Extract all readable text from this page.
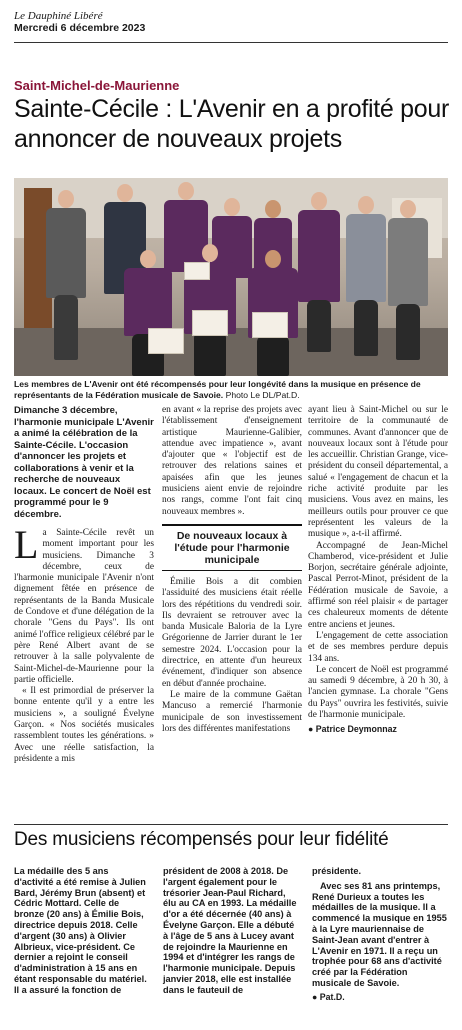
Le Dauphiné Libéré
Mercredi 6 décembre 2023
Saint-Michel-de-Maurienne
Sainte-Cécile : L'Avenir en a profité pour annoncer de nouveaux projets
Les membres de L'Avenir ont été récompensés pour leur longévité dans la musique en présence de représentants de la Fédération musicale de Savoie. Photo Le DL/Pat.D.

Dimanche 3 décembre, l'harmonie municipale L'Avenir a animé la célébration de la Sainte-Cécile. L'occasion d'annoncer les projets et collaborations à venir et la recherche de nouveaux locaux. Le concert de Noël est programmé pour le 9 décembre.

La Sainte-Cécile revêt un moment important pour les musiciens. Dimanche 3 décembre, ceux de l'harmonie municipale l'Avenir n'ont dignement fêtée en présence de représentants de la Banda Musicale de Condove et d'une délégation de la chorale "Gens du Pays". Ils ont animé l'office religieux célébré par le père René Albert avant de se retrouver à la salle polyvalente de Saint-Michel-de-Maurienne pour la partie officielle.

« Il est primordial de préserver la bonne entente qu'il y a entre les musiciens », a souligné Évelyne Garçon. « Nos sociétés musicales rassemblent toutes les générations. » Avec une réelle satisfaction, la présidente a mis

en avant « la reprise des projets avec l'établissement d'enseignement artistique Maurienne-Galibier, attendue avec impatience », avant d'ajouter que « l'objectif est de retrouver des relations saines et apaisées afin que les jeunes musiciens aient envie de rejoindre nos rangs, comme l'ont fait cinq nouveaux membres ».

De nouveaux locaux à l'étude pour l'harmonie municipale

Émilie Bois a dit combien l'assiduité des musiciens était réelle lors des répétitions du vendredi soir. Ils devraient se retrouver avec la banda Musicale Baloria de la Lyre Grégorienne de Jarrier durant le 1er semestre 2024. L'occasion pour la directrice, en attente d'un heureux événement, d'indiquer son absence en début d'année prochaine.

Le maire de la commune Gaëtan Mancuso a remercié l'harmonie municipale de son investissement lors des différentes manifestations

ayant lieu à Saint-Michel ou sur le territoire de la communauté de communes. Avant d'annoncer que de nouveaux locaux sont à l'étude pour les accueillir. Christian Grange, vice-président du conseil départemental, a salué « l'engagement de chacun et la riche activité produite par les musiciens. Vous avez en mains, les meilleurs outils pour prouver ce que représentent les valeurs de la musique », a-t-il affirmé.

Accompagné de Jean-Michel Chamberod, vice-président et Julie Borjon, secrétaire générale adjointe, Pascal Perrot-Minot, président de la Fédération musicale de Savoie, a affirmé son réel plaisir « de partager ces chaleureux moments de détente entre anciens et jeunes.

L'engagement de cette association et de ses membres perdure depuis 134 ans.

Le concert de Noël est programmé au samedi 9 décembre, à 20 h 30, à l'ancien gymnase. La chorale "Gens du Pays" ouvrira les festivités, suivie de l'harmonie municipale.

● Patrice Deymonnaz
Des musiciens récompensés pour leur fidélité

La médaille des 5 ans d'activité a été remise à Julien Bard, Jérémy Brun (absent) et Cédric Mottard. Celle de bronze (20 ans) à Émilie Bois, directrice depuis 2018. Celle d'argent (30 ans) à Olivier Albrieux, vice-président. Ce dernier a rejoint le conseil d'administration à 15 ans en étant responsable du matériel. Il a assuré la fonction de

président de 2008 à 2018. De l'argent également pour le trésorier Jean-Paul Richard, élu au CA en 1993. La médaille d'or a été décernée (40 ans) à Évelyne Garçon. Elle a débuté à l'âge de 5 ans à Lucey avant de rejoindre la Maurienne en 1994 et d'intégrer les rangs de l'harmonie municipale. Depuis janvier 2018, elle est installée dans le fauteuil de

présidente.

Avec ses 81 ans printemps, René Durieux a toutes les médailles de la musique. Il a commencé la musique en 1955 à la Lyre mauriennaise de Saint-Jean avant d'entrer à L'Avenir en 1971. Il a reçu un trophée pour 68 ans d'activité créé par la Fédération musicale de Savoie.

● Pat.D.
